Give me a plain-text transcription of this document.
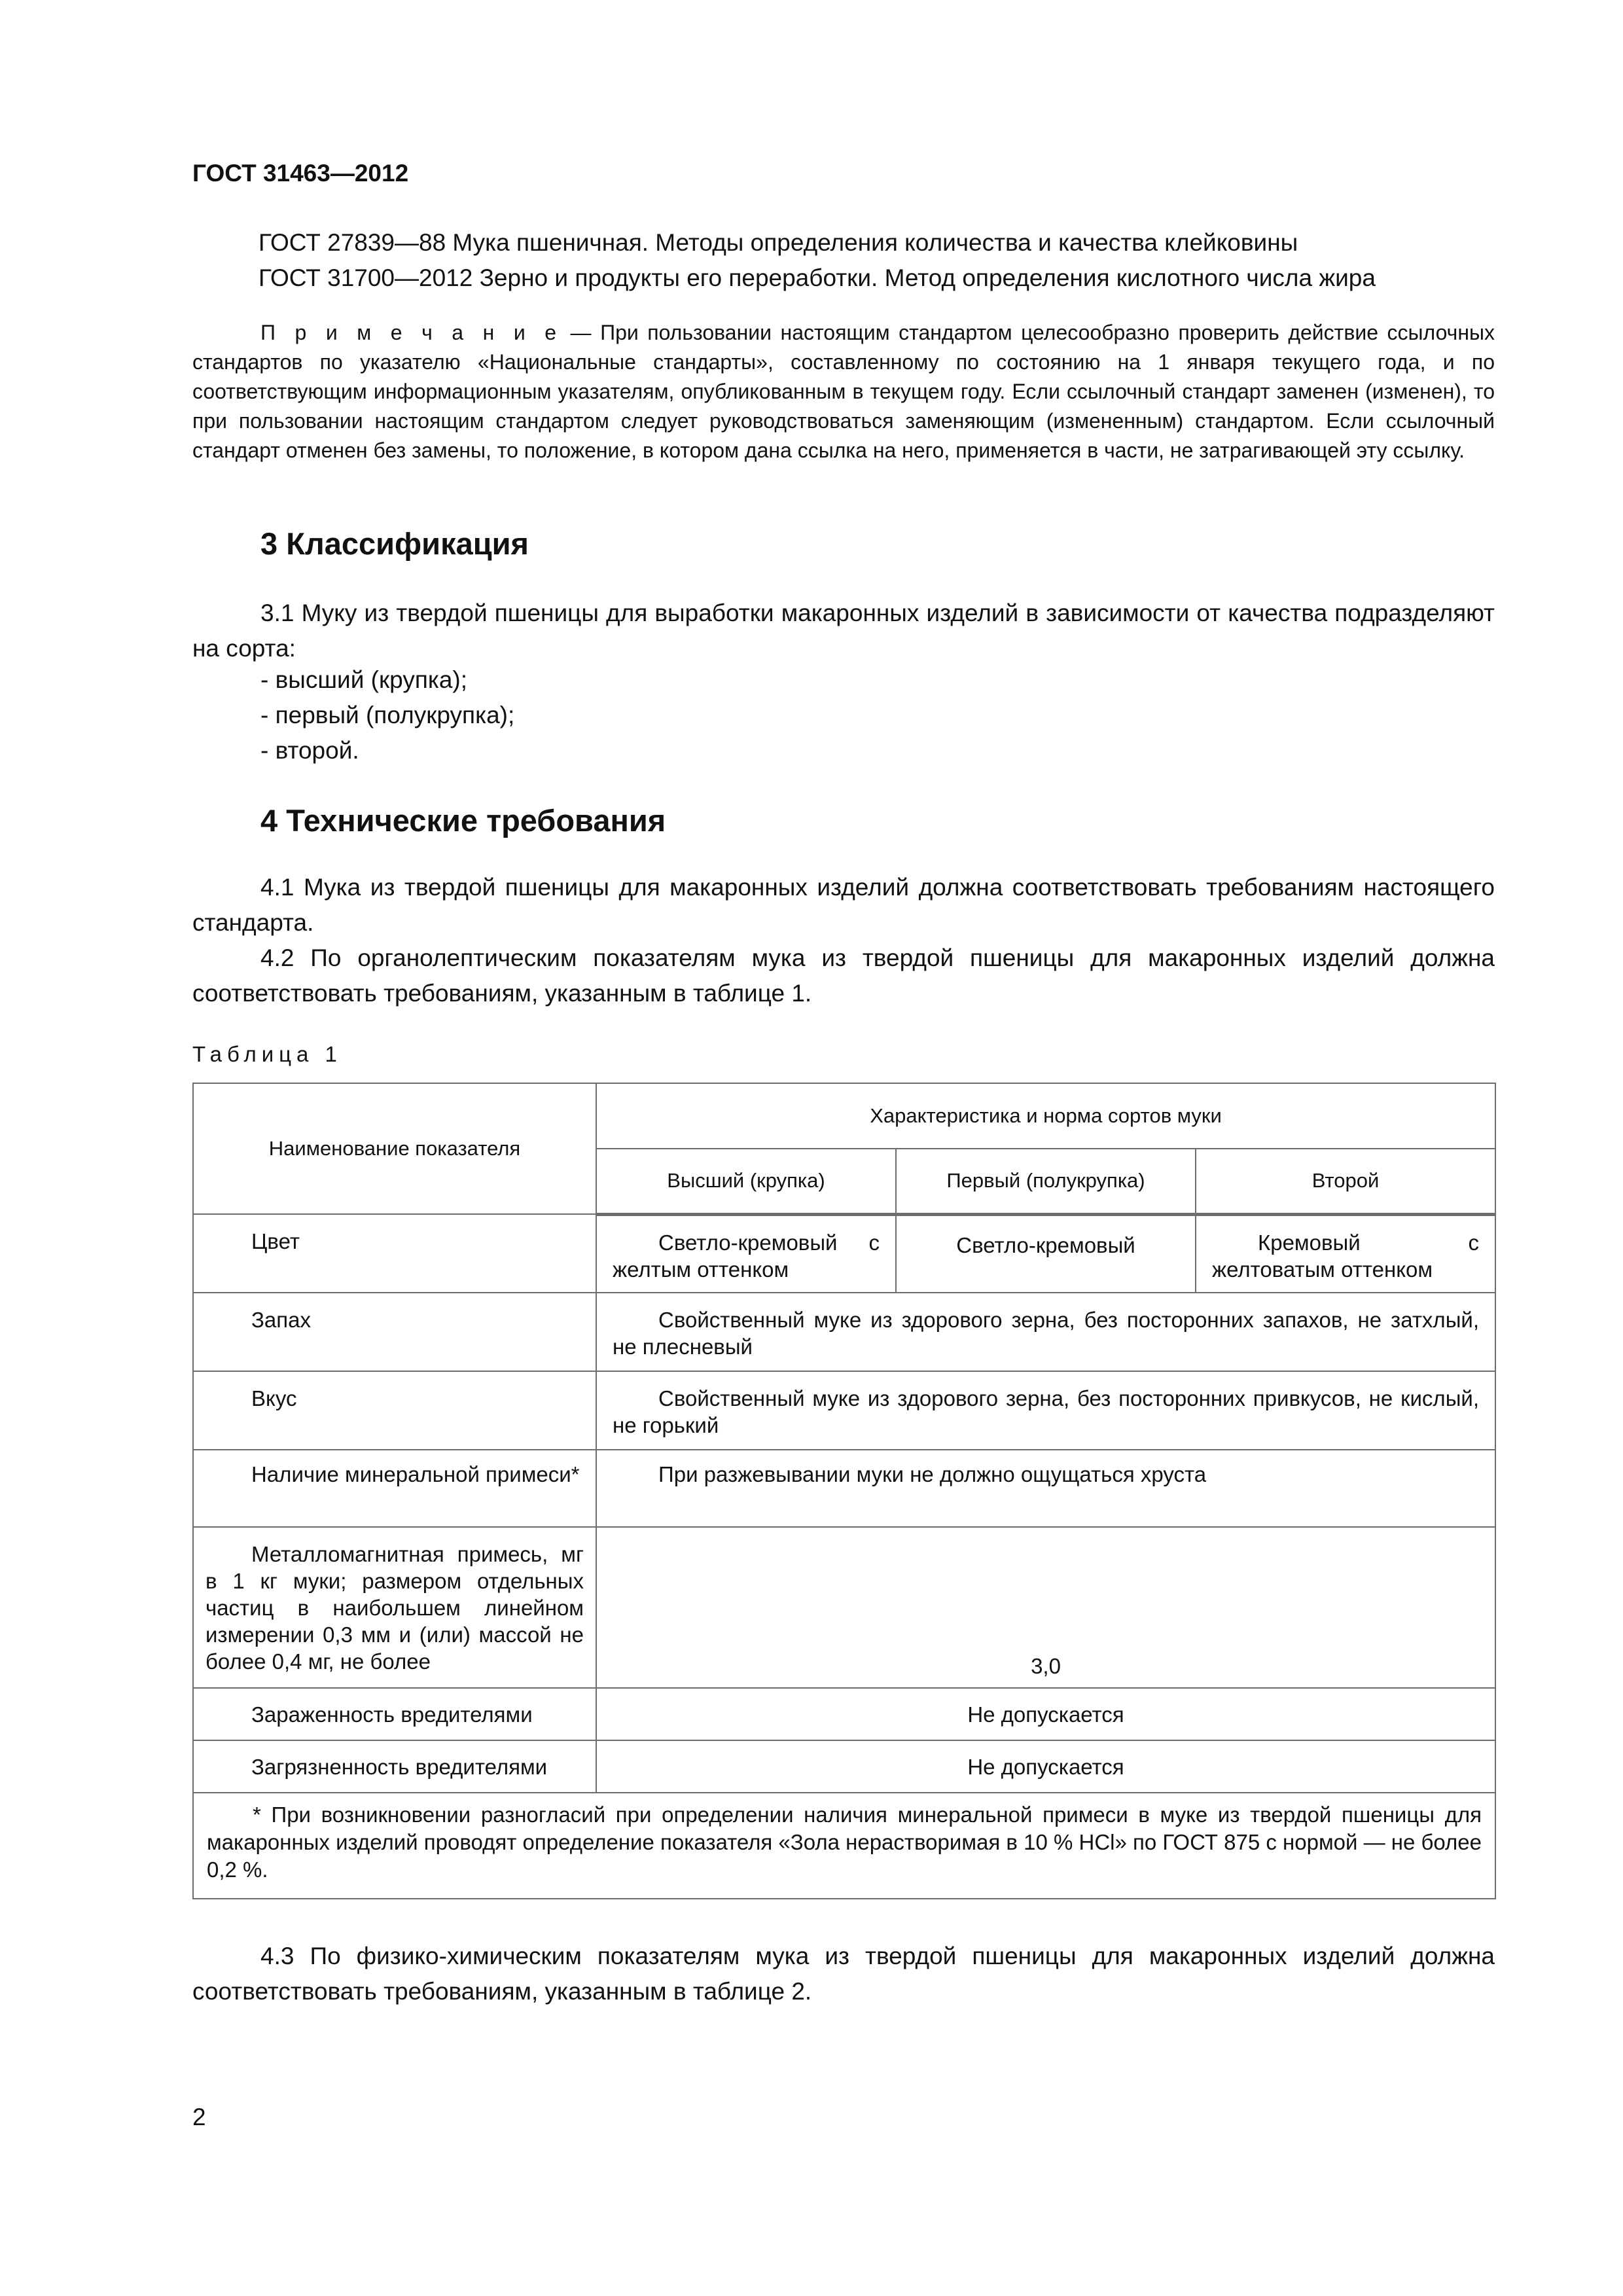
ГОСТ 31463—2012
ГОСТ 27839—88 Мука пшеничная. Методы определения количества и качества клейковины
ГОСТ 31700—2012 Зерно и продукты его переработки. Метод определения кислотного числа жира
П р и м е ч а н и е — При пользовании настоящим стандартом целесообразно проверить действие ссылочных стандартов по указателю «Национальные стандарты», составленному по состоянию на 1 января текущего года, и по соответствующим информационным указателям, опубликованным в текущем году. Если ссылочный стандарт заменен (изменен), то при пользовании настоящим стандартом следует руководствоваться заменяющим (измененным) стандартом. Если ссылочный стандарт отменен без замены, то положение, в котором дана ссылка на него, применяется в части, не затрагивающей эту ссылку.
3 Классификация
3.1 Муку из твердой пшеницы для выработки макаронных изделий в зависимости от качества подразделяют на сорта:
- высший (крупка);
- первый (полукрупка);
- второй.
4 Технические требования
4.1 Мука из твердой пшеницы для макаронных изделий должна соответствовать требованиям настоящего стандарта.
4.2 По органолептическим показателям мука из твердой пшеницы для макаронных изделий должна соответствовать требованиям, указанным в таблице 1.
Таблица 1
Наименование показателя	Характеристика и норма сортов муки		
	Высший (крупка)	Первый (полукрупка)	Второй

Цвет	Светло-кремовый с желтым оттенком	Светло-кремовый	Кремовый с желтоватым оттенком

Запах	Свойственный муке из здорового зерна, без посторонних запахов, не затхлый, не плесневый		

Вкус	Свойственный муке из здорового зерна, без посторонних привкусов, не кислый, не горький		
Наличие минеральной примеси*	При разжевывании муки не должно ощущаться хруста		
Металломагнитная примесь, мг в 1 кг муки; размером отдельных частиц в наибольшем линейном измерении 0,3 мм и (или) массой не более 0,4 мг, не более	3,0		

Зараженность вредителями	Не допускается		

Загрязненность вредителями	Не допускается		
* При возникновении разногласий при определении наличия минеральной примеси в муке из твердой пшеницы для макаронных изделий проводят определение показателя «Зола нерастворимая в 10 % HCl» по ГОСТ 875 с нормой — не более 0,2 %.			
4.3 По физико-химическим показателям мука из твердой пшеницы для макаронных изделий должна соответствовать требованиям, указанным в таблице 2.
2
